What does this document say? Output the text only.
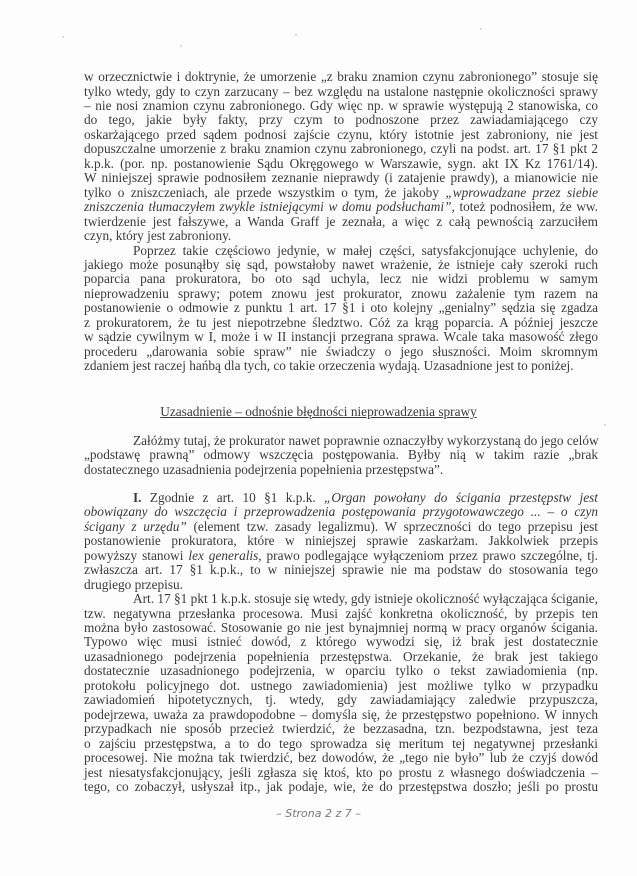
w orzecznictwie i doktrynie, że umorzenie „z braku znamion czynu zabronionego” stosuje się
tylko wtedy, gdy to czyn zarzucany – bez względu na ustalone następnie okoliczności sprawy
– nie nosi znamion czynu zabronionego. Gdy więc np. w sprawie występują 2 stanowiska, co
do tego, jakie były fakty, przy czym to podnoszone przez zawiadamiającego czy
oskarżającego przed sądem podnosi zajście czynu, który istotnie jest zabroniony, nie jest
dopuszczalne umorzenie z braku znamion czynu zabronionego, czyli na podst. art. 17 §1 pkt 2
k.p.k. (por. np. postanowienie Sądu Okręgowego w Warszawie, sygn. akt IX Kz 1761/14).
W niniejszej sprawie podnosiłem zeznanie nieprawdy (i zatajenie prawdy), a mianowicie nie
tylko o zniszczeniach, ale przede wszystkim o tym, że jakoby „wprowadzane przez siebie
zniszczenia tłumaczyłem zwykle istniejącymi w domu podsłuchami”, toteż podnosiłem, że ww.
twierdzenie jest fałszywe, a Wanda Graff je zeznała, a więc z całą pewnością zarzuciłem
czyn, który jest zabroniony.
Poprzez takie częściowo jedynie, w małej części, satysfakcjonujące uchylenie, do
jakiego może posunąłby się sąd, powstałoby nawet wrażenie, że istnieje cały szeroki ruch
poparcia pana prokuratora, bo oto sąd uchyla, lecz nie widzi problemu w samym
nieprowadzeniu sprawy; potem znowu jest prokurator, znowu zażalenie tym razem na
postanowienie o odmowie z punktu 1 art. 17 §1 i oto kolejny „genialny” sędzia się zgadza
z prokuratorem, że tu jest niepotrzebne śledztwo. Cóż za krąg poparcia. A później jeszcze
w sądzie cywilnym w I, może i w II instancji przegrana sprawa. Wcale taka masowość złego
procederu „darowania sobie spraw” nie świadczy o jego słuszności. Moim skromnym
zdaniem jest raczej hańbą dla tych, co takie orzeczenia wydają. Uzasadnione jest to poniżej.
Uzasadnienie – odnośnie błędności nieprowadzenia sprawy
Załóżmy tutaj, że prokurator nawet poprawnie oznaczyłby wykorzystaną do jego celów
„podstawę prawną” odmowy wszczęcia postępowania. Byłby nią w takim razie „brak
dostatecznego uzasadnienia podejrzenia popełnienia przestępstwa”.
I. Zgodnie z art. 10 §1 k.p.k. „Organ powołany do ścigania przestępstw jest
obowiązany do wszczęcia i przeprowadzenia postępowania przygotowawczego ... – o czyn
ścigany z urzędu” (element tzw. zasady legalizmu). W sprzeczności do tego przepisu jest
postanowienie prokuratora, które w niniejszej sprawie zaskarżam. Jakkolwiek przepis
powyższy stanowi lex generalis, prawo podlegające wyłączeniom przez prawo szczególne, tj.
zwłaszcza art. 17 §1 k.p.k., to w niniejszej sprawie nie ma podstaw do stosowania tego
drugiego przepisu.
Art. 17 §1 pkt 1 k.p.k. stosuje się wtedy, gdy istnieje okoliczność wyłączająca ściganie,
tzw. negatywna przesłanka procesowa. Musi zajść konkretna okoliczność, by przepis ten
można było zastosować. Stosowanie go nie jest bynajmniej normą w pracy organów ścigania.
Typowo więc musi istnieć dowód, z którego wywodzi się, iż brak jest dostatecznie
uzasadnionego podejrzenia popełnienia przestępstwa. Orzekanie, że brak jest takiego
dostatecznie uzasadnionego podejrzenia, w oparciu tylko o tekst zawiadomienia (np.
protokołu policyjnego dot. ustnego zawiadomienia) jest możliwe tylko w przypadku
zawiadomień hipotetycznych, tj. wtedy, gdy zawiadamiający zaledwie przypuszcza,
podejrzewa, uważa za prawdopodobne – domyśla się, że przestępstwo popełniono. W innych
przypadkach nie sposób przecież twierdzić, że bezzasadna, tzn. bezpodstawna, jest teza
o zajściu przestępstwa, a to do tego sprowadza się meritum tej negatywnej przesłanki
procesowej. Nie można tak twierdzić, bez dowodów, że „tego nie było” lub że czyjś dowód
jest niesatysfakcjonujący, jeśli zgłasza się ktoś, kto po prostu z własnego doświadczenia –
tego, co zobaczył, usłyszał itp., jak podaje, wie, że do przestępstwa doszło; jeśli po prostu
– Strona 2 z 7 –
